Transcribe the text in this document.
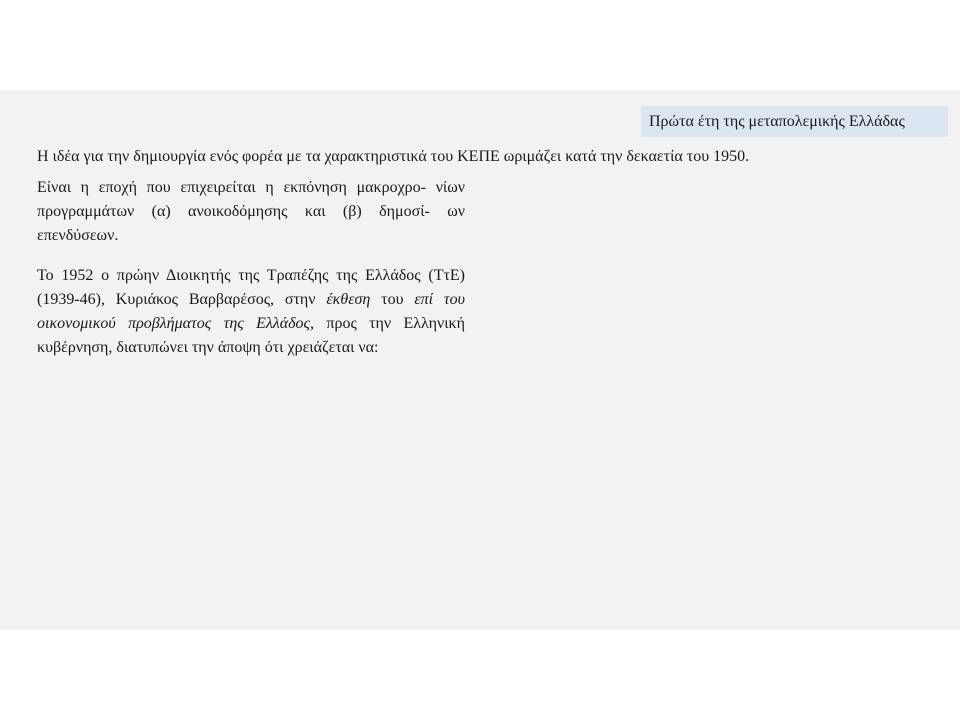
Πρώτα έτη της μεταπολεμικής Ελλάδας
Η ιδέα για την δημιουργία ενός φορέα με τα χαρακτηριστικά του ΚΕΠΕ ωριμάζει κατά την δεκαετία του 1950.

Είναι η εποχή που επιχειρείται η εκπόνηση μακροχρο- νίων προγραμμάτων (α) ανοικοδόμησης και (β) δημοσί- ων επενδύσεων.

Το 1952 ο πρώην Διοικητής της Τραπέζης της Ελλάδος (ΤτΕ) (1939-46), Κυριάκος Βαρβαρέσος, στην έκθεση του επί του οικονομικού προβλήματος της Ελλάδος, προς την Ελληνική κυβέρνηση, διατυπώνει την άποψη ότι χρειάζεται να:
